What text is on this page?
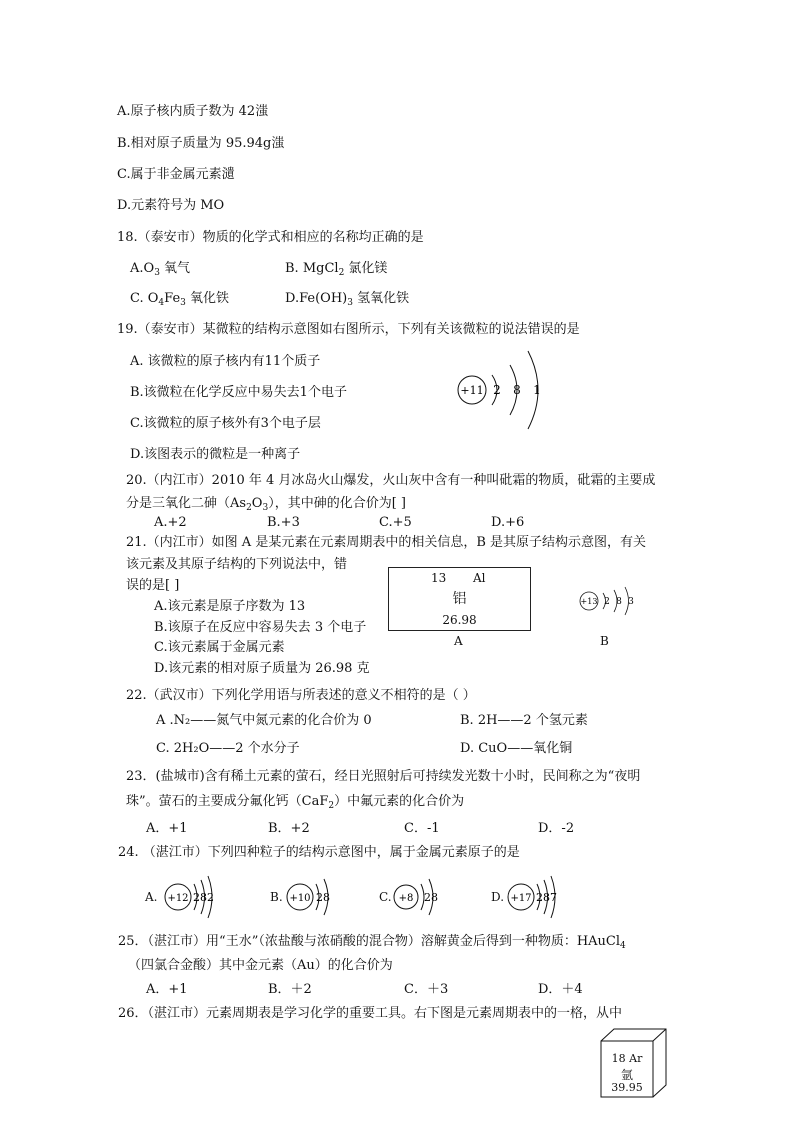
A.原子核内质子数为 42滍
B.相对原子质量为 95.94g滍
C.属于非金属元素瀢
D.元素符号为 MO
18.（泰安市）物质的化学式和相应的名称均正确的是
$A.O_3$ 氧气	B. MgCl$_2$ 氯化镁
C. $O_4Fe_3$ 氧化铁	$D.Fe(OH)_3$ 氢氧化铁
19.（泰安市）某微粒的结构示意图如右图所示，下列有关该微粒的说法错误的是
A. 该微粒的原子核内有11个质子
B.该微粒在化学反应中易失去1个电子
C.该微粒的原子核外有3个电子层
D.该图表示的微粒是一种离子
+11 2 8 1
20.（内江市）2010 年 4 月冰岛火山爆发，火山灰中含有一种叫砒霜的物质，砒霜的主要成
分是三氧化二砷$(As_2O_3)$，其中砷的化合价为[ ]
A.+2	B.+3	C.+5	D.+6
21.（内江市）如图 A 是某元素在元素周期表中的相关信息，B 是其原子结构示意图，有关
该元素及其原子结构的下列说法中，错
误的是[ ]
A.该元素是原子序数为 13
B.该原子在反应中容易失去 3 个电子
C.该元素属于金属元素
D.该元素的相对原子质量为 26.98 克
13 Al
铝
26.98
A	B
+13 2 8 3
22.（武汉市）下列化学用语与所表述的意义不相符的是（ ）
A .N₂——氮气中氮元素的化合价为 0	B. 2H——2 个氢元素
C. 2H₂O——2 个水分子	D. CuO——氧化铜
23．(盐城市)含有稀土元素的萤石，经日光照射后可持续发光数十小时，民间称之为“夜明
珠”。萤石的主要成分氟化钙（CaF$_2$）中氟元素的化合价为
A．+1	B．+2	C．-1	D．-2
24. （湛江市）下列四种粒子的结构示意图中，属于金属元素原子的是
A. +12 282	B. +10 28	C. +8 28	D. +17 287
25．（湛江市）用“王水”（浓盐酸与浓硝酸的混合物）溶解黄金后得到一种物质：HAuCl$_4$
（四氯合金酸）其中金元素（Au）的化合价为
A．+1	B．＋2	C．＋3	D．＋4
26．（湛江市）元素周期表是学习化学的重要工具。右下图是元素周期表中的一格，从中
18 Ar
氩
39.95
